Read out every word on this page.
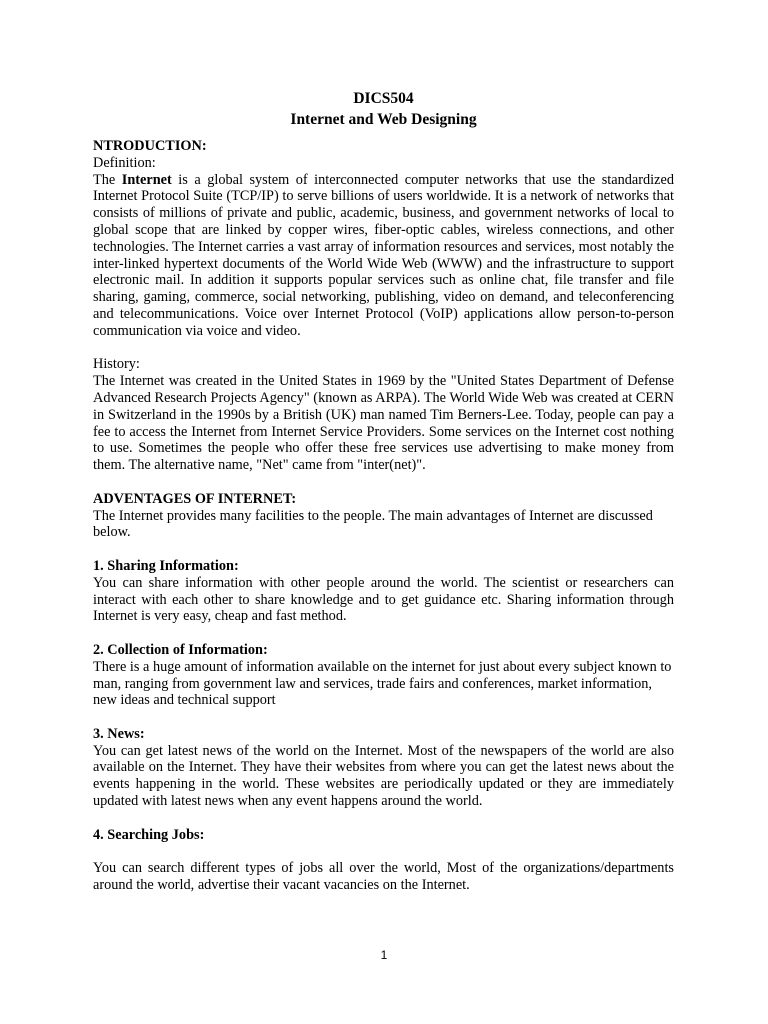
DICS504
Internet and Web Designing

NTRODUCTION:

Definition:

The Internet is a global system of interconnected computer networks that use the standardized Internet Protocol Suite (TCP/IP) to serve billions of users worldwide. It is a network of networks that consists of millions of private and public, academic, business, and government networks of local to global scope that are linked by copper wires, fiber-optic cables, wireless connections, and other technologies. The Internet carries a vast array of information resources and services, most notably the inter-linked hypertext documents of the World Wide Web (WWW) and the infrastructure to support electronic mail. In addition it supports popular services such as online chat, file transfer and file sharing, gaming, commerce, social networking, publishing, video on demand, and teleconferencing and telecommunications. Voice over Internet Protocol (VoIP) applications allow person-to-person communication via voice and video.

History:

The Internet was created in the United States in 1969 by the "United States Department of Defense Advanced Research Projects Agency" (known as ARPA). The World Wide Web was created at CERN in Switzerland in the 1990s by a British (UK) man named Tim Berners-Lee. Today, people can pay a fee to access the Internet from Internet Service Providers. Some services on the Internet cost nothing to use. Sometimes the people who offer these free services use advertising to make money from them. The alternative name, "Net" came from "inter(net)".

ADVENTAGES OF INTERNET:

The Internet provides many facilities to the people. The main advantages of Internet are discussed below.

1. Sharing Information:

You can share information with other people around the world. The scientist or researchers can interact with each other to share knowledge and to get guidance etc. Sharing information through Internet is very easy, cheap and fast method.

2. Collection of Information:

There is a huge amount of information available on the internet for just about every subject known to man, ranging from government law and services, trade fairs and conferences, market information, new ideas and technical support

3. News:

You can get latest news of the world on the Internet. Most of the newspapers of the world are also available on the Internet. They have their websites from where you can get the latest news about the events happening in the world. These websites are periodically updated or they are immediately updated with latest news when any event happens around the world.

4. Searching Jobs:

You can search different types of jobs all over the world, Most of the organizations/departments around the world, advertise their vacant vacancies on the Internet.

1
